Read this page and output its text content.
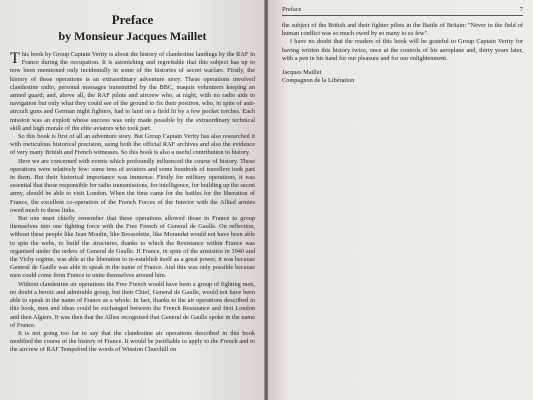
Preface
by Monsieur Jacques Maillet

This book by Group Captain Verity is about the history of clandestine landings by the RAF in France during the occupation. It is astonishing and regrettable that this subject has up to now been mentioned only incidentally in some of the histories of secret warfare. Firstly, the history of these operations is an extraordinary adventure story. These operations involved clandestine radio, personal messages transmitted by the BBC, maquis volunteers keeping an armed guard; and, above all, the RAF pilots and aircrew who, at night, with no radio aids to navigation but only what they could see of the ground to fix their position, who, in spite of anti-aircraft guns and German night fighters, had to land on a field lit by a few pocket torches. Each mission was an exploit whose success was only made possible by the extraordinary technical skill and high morale of the elite aviators who took part.

So this book is first of all an adventure story. But Group Captain Verity has also researched it with meticulous historical precision, using both the official RAF archives and also the evidence of very many British and French witnesses. So this book is also a useful contribution to history.

Here we are concerned with events which profoundly influenced the course of history. These operations were relatively few: some tens of aviators and some hundreds of travellers took part in them. But their historical importance was immense. Firstly for military operations, it was essential that those responsible for radio transmissions, for intelligence, for building up the secret army, should be able to visit London. When the time came for the battles for the liberation of France, the excellent co-operation of the French Forces of the Interior with the Allied armies owed much to these links.

But one must chiefly remember that these operations allowed those in France to group themselves into one fighting force with the Free French of General de Gaulle. On reflection, without these people like Jean Moulin, like Brossolette, like Morandat would not have been able to spin the webs, to build the structures, thanks to which the Resistance within France was organised under the orders of General de Gaulle. If France, in spite of the armistice in 1940 and the Vichy regime, was able at the liberation to re-establish itself as a great power, it was because General de Gaulle was able to speak in the name of France. And this was only possible because men could come from France to unite themselves around him.

Without clandestine air operations the Free French would have been a group of fighting men, no doubt a heroic and admirable group, but their Chief, General de Gaulle, would not have been able to speak in the name of France as a whole. In fact, thanks to the air operations described in this book, men and ideas could be exchanged between the French Resistance and first London and then Algiers. It was then that the Allies recognised that General de Gaulle spoke in the name of France.

It is not going too far to say that the clandestine air operations described in this book modified the course of the history of France. It would be justifiable to apply to the French and to the aircrew of RAF Tempsford the words of Winston Churchill on

Preface	7

the subject of the British and their fighter pilots in the Battle of Britain: "Never in the field of human conflict was so much owed by so many to so few".

I have no doubt that the readers of this book will be grateful to Group Captain Verity for having written this history twice, once at the controls of his aeroplane and, thirty years later, with a pen in his hand for our pleasure and for our enlightenment.

Jacques Maillet
Compagnon de la Libération
